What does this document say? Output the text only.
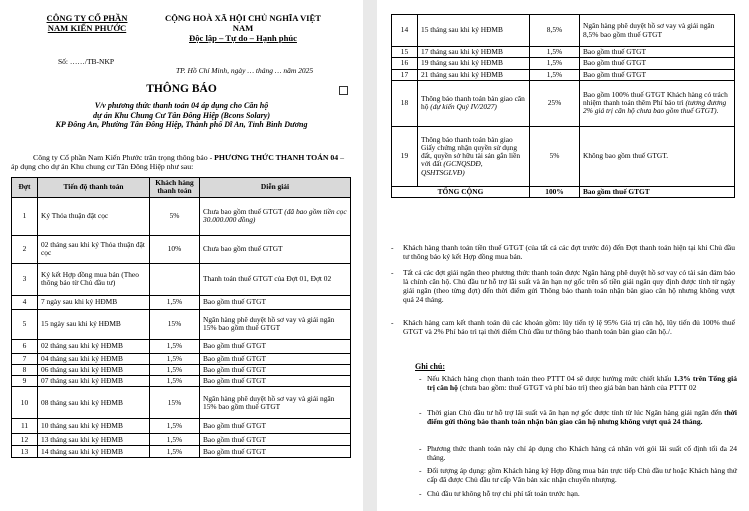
CÔNG TY CỔ PHẦN
NAM KIẾN PHƯỚC
Số: ……/TB-NKP
CỘNG HOÀ XÃ HỘI CHỦ NGHĨA VIỆT
NAM
Độc lập – Tự do – Hạnh phúc
TP. Hồ Chí Minh, ngày … tháng … năm 2025
THÔNG BÁO
V/v phương thức thanh toán 04 áp dụng cho Căn hộ
dự án Khu Chung Cư Tân Đông Hiệp (Bcons Solary)
KP Đông An, Phường Tân Đông Hiệp, Thành phố Dĩ An, Tỉnh Bình Dương
Công ty Cổ phần Nam Kiến Phước trân trọng thông báo - PHƯƠNG THỨC THANH TOÁN 04 – áp dụng cho dự án Khu chung cư Tân Đông Hiệp như sau:
Đợt	Tiến độ thanh toán	Khách hàng thanh toán	Diễn giải
1	Ký Thỏa thuận đặt cọc	5%	Chưa bao gồm thuế GTGT (đã bao gồm tiền cọc 30.000.000 đồng)
2	02 tháng sau khi ký Thỏa thuận đặt cọc	10%	Chưa bao gồm thuế GTGT
3	Ký kết Hợp đồng mua bán (Theo thông báo từ Chủ đầu tư)		Thanh toán thuế GTGT của Đợt 01, Đợt 02
4	7 ngày sau khi ký HĐMB	1,5%	Bao gồm thuế GTGT
5	15 ngày sau khi ký HĐMB	15%	Ngân hàng phê duyệt hồ sơ vay và giải ngân 15% bao gồm thuế GTGT
6	02 tháng sau khi ký HĐMB	1,5%	Bao gồm thuế GTGT
7	04 tháng sau khi ký HĐMB	1,5%	Bao gồm thuế GTGT
8	06 tháng sau khi ký HĐMB	1,5%	Bao gồm thuế GTGT
9	07 tháng sau khi ký HĐMB	1,5%	Bao gồm thuế GTGT
10	08 tháng sau khi ký HĐMB	15%	Ngân hàng phê duyệt hồ sơ vay và giải ngân 15% bao gồm thuế GTGT
11	10 tháng sau khi ký HĐMB	1,5%	Bao gồm thuế GTGT
12	13 tháng sau khi ký HĐMB	1,5%	Bao gồm thuế GTGT
13	14 tháng sau khi ký HĐMB	1,5%	Bao gồm thuế GTGT
14	15 tháng sau khi ký HĐMB	8,5%	Ngân hàng phê duyệt hồ sơ vay và giải ngân 8,5% bao gồm thuế GTGT
15	17 tháng sau khi ký HĐMB	1,5%	Bao gồm thuế GTGT
16	19 tháng sau khi ký HĐMB	1,5%	Bao gồm thuế GTGT
17	21 tháng sau khi ký HĐMB	1,5%	Bao gồm thuế GTGT
18	Thông báo thanh toán bàn giao căn hộ (dự kiến Quý IV/2027)	25%	Bao gồm 100% thuế GTGT Khách hàng có trách nhiệm thanh toán thêm Phí bảo trì (tương đương 2% giá trị căn hộ chưa bao gồm thuế GTGT).
19	Thông báo thanh toán bàn giao Giấy chứng nhận quyền sử dụng đất, quyền sở hữu tài sản gắn liền với đất (GCNQSDĐ, QSHTSGLVĐ)	5%	Không bao gồm thuế GTGT.
TỔNG CỘNG		100%	Bao gồm thuế GTGT
-	Khách hàng thanh toán tiền thuế GTGT (của tất cả các đợt trước đó) đến Đợt thanh toán hiện tại khi Chủ đầu tư thông báo ký kết Hợp đồng mua bán.
-	Tất cả các đợt giải ngân theo phương thức thanh toán được Ngân hàng phê duyệt hồ sơ vay có tài sản đảm bảo là chính căn hộ. Chủ đầu tư hỗ trợ lãi suất và ân hạn nợ gốc trên số tiền giải ngân quy định được tính từ ngày giải ngân (theo từng đợt) đến thời điểm gửi Thông báo thanh toán nhận bàn giao căn hộ nhưng không vượt quá 24 tháng.
-	Khách hàng cam kết thanh toán đủ các khoản gồm: lũy tiến tỷ lệ 95% Giá trị căn hộ, lũy tiến đủ 100% thuế GTGT và 2% Phí bảo trì tại thời điểm Chủ đầu tư thông báo thanh toán bàn giao căn hộ./.
Ghi chú:
- Nếu Khách hàng chọn thanh toán theo PTTT 04 sẽ được hưởng mức chiết khấu 1.3% trên Tổng giá trị căn hộ (chưa bao gồm: thuế GTGT và phí bảo trì) theo giá bản ban hành của PTTT 02
- Thời gian Chủ đầu tư hỗ trợ lãi suất và ân hạn nợ gốc được tính từ lúc Ngân hàng giải ngân đến thời điểm gửi thông báo thanh toán nhận bàn giao căn hộ nhưng không vượt quá 24 tháng.
- Phương thức thanh toán này chỉ áp dụng cho Khách hàng cá nhân vởi gói lãi suất cố định tối đa 24 tháng.
- Đối tượng áp dụng: gồm Khách hàng ký Hợp đồng mua bán trực tiếp Chủ đầu tư hoặc Khách hàng thứ cấp đã được Chủ đầu tư cấp Văn bản xác nhận chuyển nhượng.
- Chủ đầu tư không hỗ trợ chi phí tất toán trước hạn.
